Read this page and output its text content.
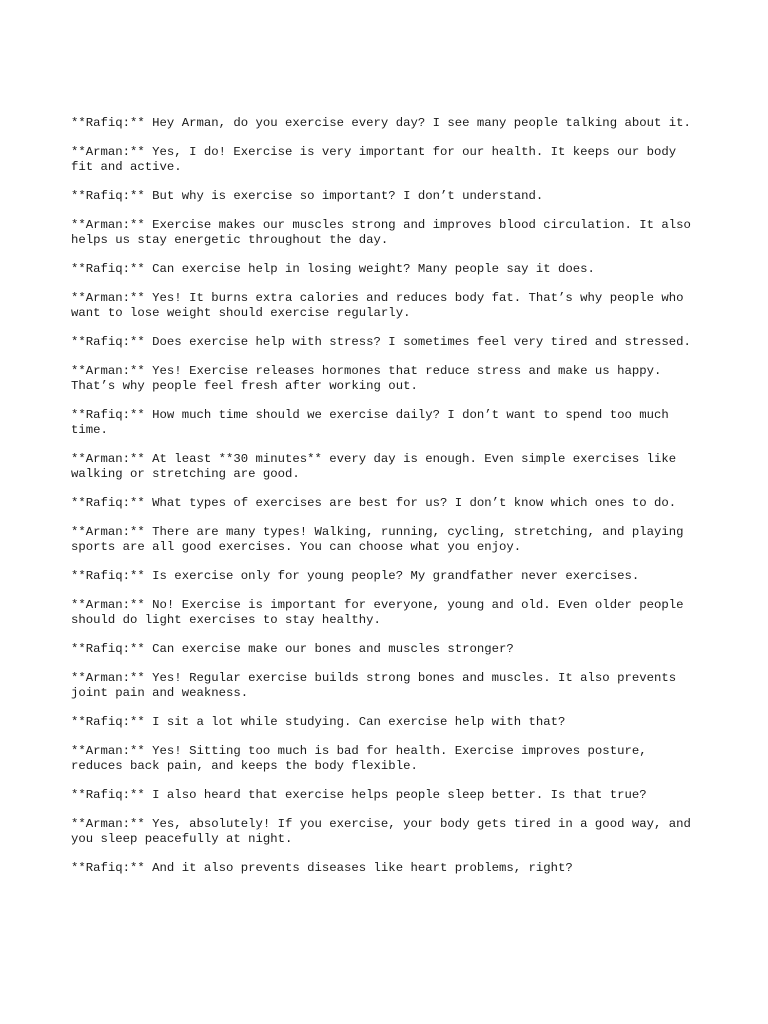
**Rafiq:** Hey Arman, do you exercise every day? I see many people talking about it.

**Arman:** Yes, I do! Exercise is very important for our health. It keeps our body fit and active.

**Rafiq:** But why is exercise so important? I don’t understand.

**Arman:** Exercise makes our muscles strong and improves blood circulation. It also helps us stay energetic throughout the day.

**Rafiq:** Can exercise help in losing weight? Many people say it does.

**Arman:** Yes! It burns extra calories and reduces body fat. That’s why people who want to lose weight should exercise regularly.

**Rafiq:** Does exercise help with stress? I sometimes feel very tired and stressed.

**Arman:** Yes! Exercise releases hormones that reduce stress and make us happy. That’s why people feel fresh after working out.

**Rafiq:** How much time should we exercise daily? I don’t want to spend too much time.

**Arman:** At least **30 minutes** every day is enough. Even simple exercises like walking or stretching are good.

**Rafiq:** What types of exercises are best for us? I don’t know which ones to do.

**Arman:** There are many types! Walking, running, cycling, stretching, and playing sports are all good exercises. You can choose what you enjoy.

**Rafiq:** Is exercise only for young people? My grandfather never exercises.

**Arman:** No! Exercise is important for everyone, young and old. Even older people should do light exercises to stay healthy.

**Rafiq:** Can exercise make our bones and muscles stronger?

**Arman:** Yes! Regular exercise builds strong bones and muscles. It also prevents joint pain and weakness.

**Rafiq:** I sit a lot while studying. Can exercise help with that?

**Arman:** Yes! Sitting too much is bad for health. Exercise improves posture, reduces back pain, and keeps the body flexible.

**Rafiq:** I also heard that exercise helps people sleep better. Is that true?

**Arman:** Yes, absolutely! If you exercise, your body gets tired in a good way, and you sleep peacefully at night.

**Rafiq:** And it also prevents diseases like heart problems, right?
